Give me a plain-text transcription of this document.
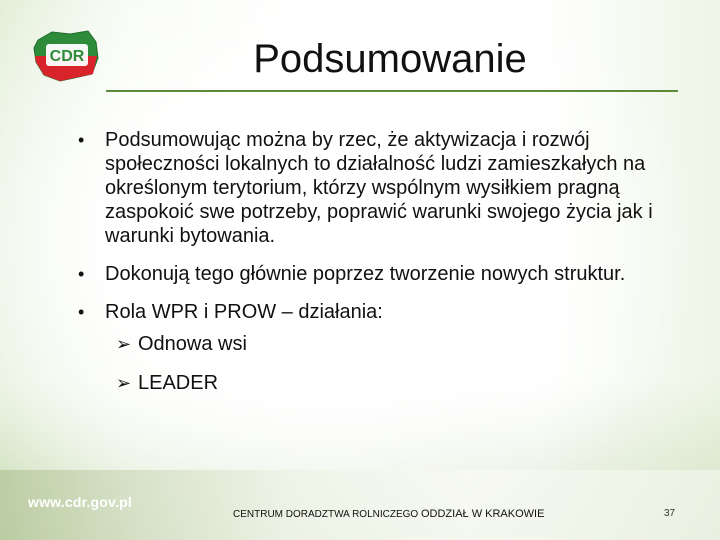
CDR	Podsumowanie
• Podsumowując można by rzec, że aktywizacja i rozwój społeczności lokalnych to działalność ludzi zamieszkałych na określonym terytorium, którzy wspólnym wysiłkiem pragną zaspokoić swe potrzeby, poprawić warunki swojego życia jak i warunki bytowania.
• Dokonują tego głównie poprzez tworzenie nowych struktur.
• Rola WPR i PROW – działania:
➢ Odnowa wsi
➢ LEADER
www.cdr.gov.pl
CENTRUM DORADZTWA ROLNICZEGO ODDZIAŁ W KRAKOWIE	37
